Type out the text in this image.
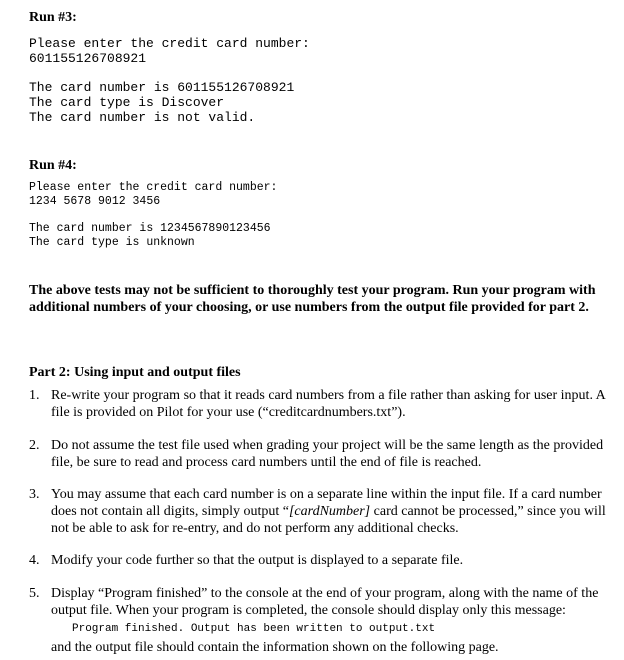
Run #3:
Please enter the credit card number:
601155126708921
The card number is 601155126708921
The card type is Discover
The card number is not valid.
Run #4:
Please enter the credit card number:
1234 5678 9012 3456
The card number is 1234567890123456
The card type is unknown
The above tests may not be sufficient to thoroughly test your program. Run your program with
additional numbers of your choosing, or use numbers from the output file provided for part 2.
Part 2: Using input and output files
1. Re-write your program so that it reads card numbers from a file rather than asking for user input. A
file is provided on Pilot for your use (“creditcardnumbers.txt”).
2. Do not assume the test file used when grading your project will be the same length as the provided
file, be sure to read and process card numbers until the end of file is reached.
3. You may assume that each card number is on a separate line within the input file. If a card number
does not contain all digits, simply output “[cardNumber] card cannot be processed,” since you will
not be able to ask for re-entry, and do not perform any additional checks.
4. Modify your code further so that the output is displayed to a separate file.
5. Display “Program finished” to the console at the end of your program, along with the name of the
output file. When your program is completed, the console should display only this message:
Program finished. Output has been written to output.txt
and the output file should contain the information shown on the following page.
